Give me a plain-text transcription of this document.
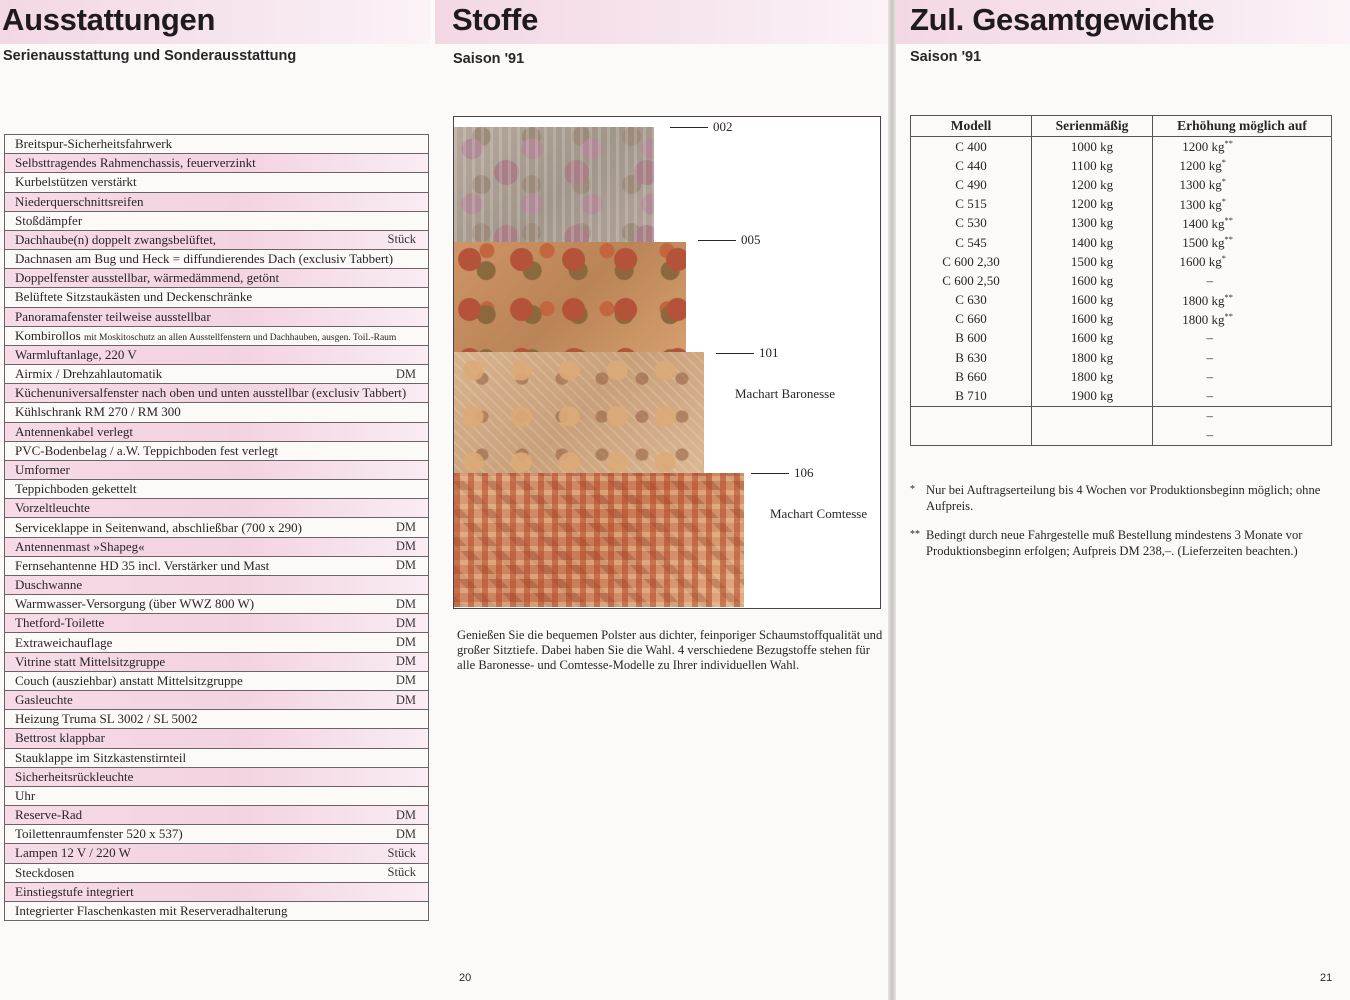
Ausstattungen
Serienausstattung und Sonderausstattung
Breitspur-Sicherheitsfahrwerk
Selbsttragendes Rahmenchassis, feuerverzinkt
Kurbelstützen verstärkt
Niederquerschnittsreifen
Stoßdämpfer
Dachhaube(n) doppelt zwangsbelüftet,	Stück
Dachnasen am Bug und Heck = diffundierendes Dach (exclusiv Tabbert)
Doppelfenster ausstellbar, wärmedämmend, getönt
Belüftete Sitzstaukästen und Deckenschränke
Panoramafenster teilweise ausstellbar
Kombirollos mit Moskitoschutz an allen Ausstellfenstern und Dachhauben, ausgen. Toil.-Raum
Warmluftanlage, 220 V
Airmix / Drehzahlautomatik	DM
Küchenuniversalfenster nach oben und unten ausstellbar (exclusiv Tabbert)
Kühlschrank RM 270 / RM 300
Antennenkabel verlegt
PVC-Bodenbelag / a.W. Teppichboden fest verlegt
Umformer
Teppichboden gekettelt
Vorzeltleuchte
Serviceklappe in Seitenwand, abschließbar (700 x 290)	DM
Antennenmast »Shapeg«	DM
Fernsehantenne HD 35 incl. Verstärker und Mast	DM
Duschwanne
Warmwasser-Versorgung (über WWZ 800 W)	DM
Thetford-Toilette	DM
Extraweichauflage	DM
Vitrine statt Mittelsitzgruppe	DM
Couch (ausziehbar) anstatt Mittelsitzgruppe	DM
Gasleuchte	DM
Heizung Truma SL 3002 / SL 5002
Bettrost klappbar
Stauklappe im Sitzkastenstirnteil
Sicherheitsrückleuchte
Uhr
Reserve-Rad	DM
Toilettenraumfenster 520 x 537)	DM
Lampen 12 V / 220 W	Stück
Steckdosen	Stück
Einstiegstufe integriert
Integrierter Flaschenkasten mit Reserveradhalterung
Stoffe
Saison '91
002
005
101
Machart Baronesse
106
Machart Comtesse
Genießen Sie die bequemen Polster aus dichter, feinporiger Schaumstoffqualität und großer Sitztiefe. Dabei haben Sie die Wahl. 4 verschiedene Bezugstoffe stehen für alle Baronesse- und Comtesse-Modelle zu Ihrer individuellen Wahl.
20
Zul. Gesamtgewichte
Saison '91
Modell	Serienmäßig	Erhöhung möglich auf
C 400	1000 kg	1200 kg**
C 440	1100 kg	1200 kg*
C 490	1200 kg	1300 kg*
C 515	1200 kg	1300 kg*
C 530	1300 kg	1400 kg**
C 545	1400 kg	1500 kg**
C 600 2,30	1500 kg	1600 kg*
C 600 2,50	1600 kg	–
C 630	1600 kg	1800 kg**
C 660	1600 kg	1800 kg**
B 600	1600 kg	–
B 630	1800 kg	–
B 660	1800 kg	–
B 710	1900 kg	–
		–
		–
* Nur bei Auftragserteilung bis 4 Wochen vor Produktionsbeginn möglich; ohne Aufpreis.
** Bedingt durch neue Fahrgestelle muß Bestellung mindestens 3 Monate vor Produktionsbeginn erfolgen; Aufpreis DM 238,–. (Lieferzeiten beachten.)
21
